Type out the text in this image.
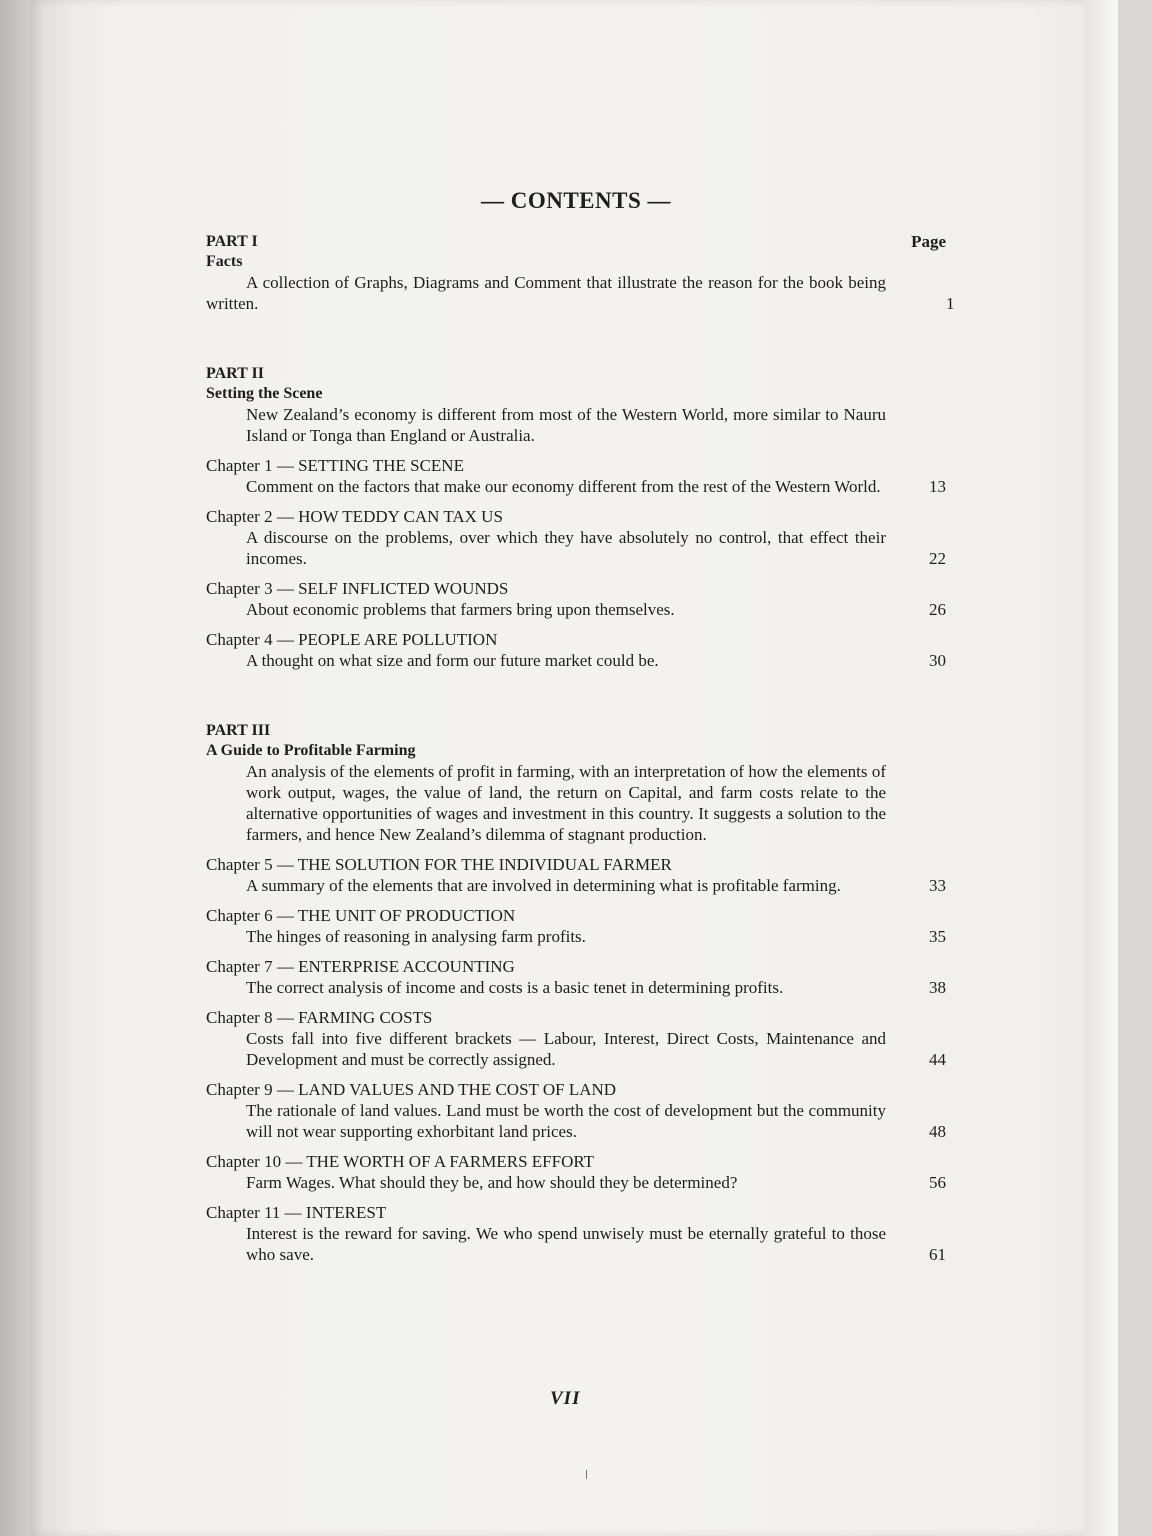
— CONTENTS —
PART I	Page
Facts
A collection of Graphs, Diagrams and Comment that illustrate the reason for the book being written.	1
PART II
Setting the Scene
New Zealand’s economy is different from most of the Western World, more similar to Nauru Island or Tonga than England or Australia.
Chapter 1 — SETTING THE SCENE
Comment on the factors that make our economy different from the rest of the Western World.	13
Chapter 2 — HOW TEDDY CAN TAX US
A discourse on the problems, over which they have absolutely no control, that effect their incomes.	22
Chapter 3 — SELF INFLICTED WOUNDS
About economic problems that farmers bring upon themselves.	26
Chapter 4 — PEOPLE ARE POLLUTION
A thought on what size and form our future market could be.	30
PART III
A Guide to Profitable Farming
An analysis of the elements of profit in farming, with an interpretation of how the elements of work output, wages, the value of land, the return on Capital, and farm costs relate to the alternative opportunities of wages and investment in this country. It suggests a solution to the farmers, and hence New Zealand’s dilemma of stagnant production.
Chapter 5 — THE SOLUTION FOR THE INDIVIDUAL FARMER
A summary of the elements that are involved in determining what is profitable farming.	33
Chapter 6 — THE UNIT OF PRODUCTION
The hinges of reasoning in analysing farm profits.	35
Chapter 7 — ENTERPRISE ACCOUNTING
The correct analysis of income and costs is a basic tenet in determining profits.	38
Chapter 8 — FARMING COSTS
Costs fall into five different brackets — Labour, Interest, Direct Costs, Maintenance and Development and must be correctly assigned.	44
Chapter 9 — LAND VALUES AND THE COST OF LAND
The rationale of land values. Land must be worth the cost of development but the community will not wear supporting exhorbitant land prices.	48
Chapter 10 — THE WORTH OF A FARMERS EFFORT
Farm Wages. What should they be, and how should they be determined?	56
Chapter 11 — INTEREST
Interest is the reward for saving. We who spend unwisely must be eternally grateful to those who save.	61
VII
